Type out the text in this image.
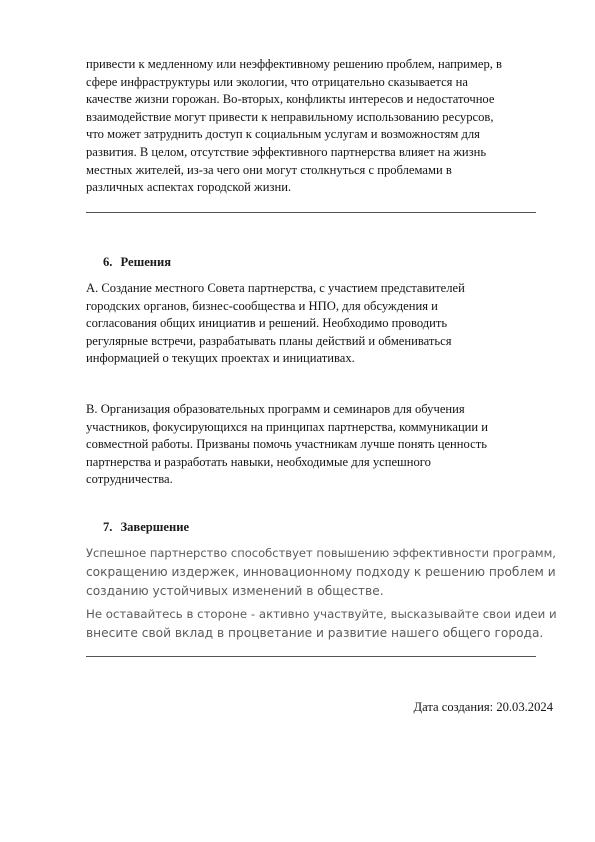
привести к медленному или неэффективному решению проблем, например, в
сфере инфраструктуры или экологии, что отрицательно сказывается на
качестве жизни горожан. Во-вторых, конфликты интересов и недостаточное
взаимодействие могут привести к неправильному использованию ресурсов,
что может затруднить доступ к социальным услугам и возможностям для
развития. В целом, отсутствие эффективного партнерства влияет на жизнь
местных жителей, из-за чего они могут столкнуться с проблемами в
различных аспектах городской жизни.
6. Решения
A. Создание местного Совета партнерства, с участием представителей
городских органов, бизнес-сообщества и НПО, для обсуждения и
согласования общих инициатив и решений. Необходимо проводить
регулярные встречи, разрабатывать планы действий и обмениваться
информацией о текущих проектах и инициативах.
B. Организация образовательных программ и семинаров для обучения
участников, фокусирующихся на принципах партнерства, коммуникации и
совместной работы. Призваны помочь участникам лучше понять ценность
партнерства и разработать навыки, необходимые для успешного
сотрудничества.
7. Завершение
Успешное партнерство способствует повышению эффективности программ,
сокращению издержек, инновационному подходу к решению проблем и
созданию устойчивых изменений в обществе.
Не оставайтесь в стороне - активно участвуйте, высказывайте свои идеи и
внесите свой вклад в процветание и развитие нашего общего города.
Дата создания: 20.03.2024
